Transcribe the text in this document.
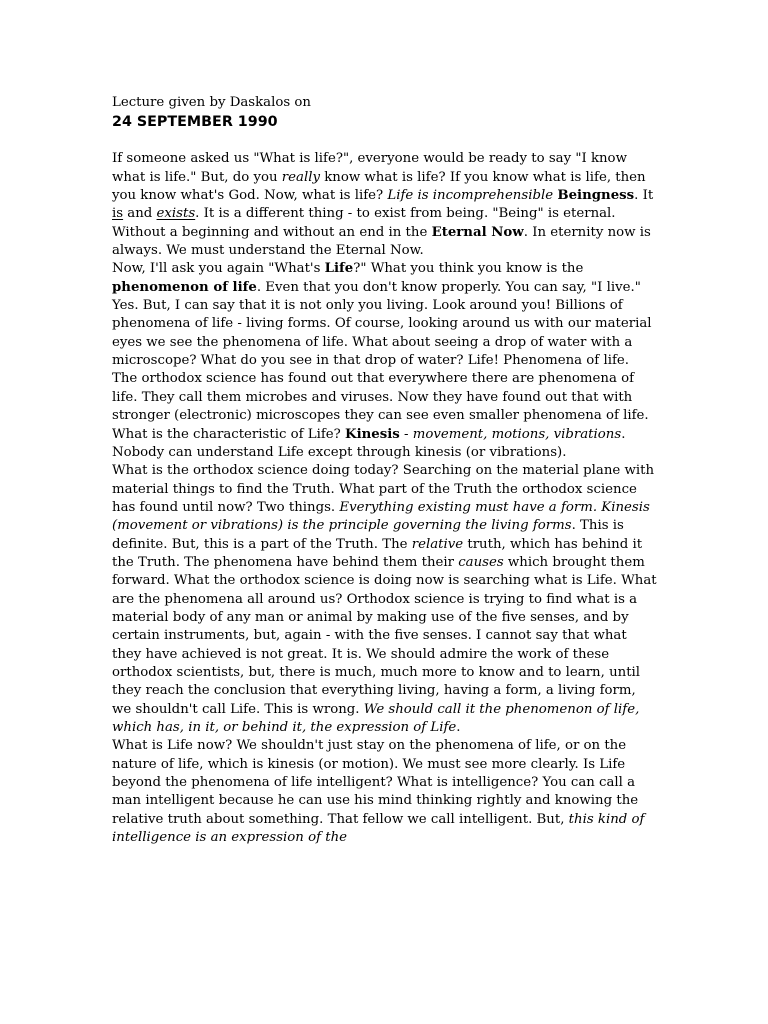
Lecture given by Daskalos on

24 SEPTEMBER 1990

If someone asked us "What is life?", everyone would be ready to say "I know what is life." But, do you really know what is life? If you know what is life, then you know what's God. Now, what is life? Life is incomprehensible Beingness. It is and exists. It is a different thing - to exist from being. "Being" is eternal. Without a beginning and without an end in the Eternal Now. In eternity now is always. We must understand the Eternal Now.

Now, I'll ask you again "What's Life?" What you think you know is the phenomenon of life. Even that you don't know properly. You can say, "I live." Yes. But, I can say that it is not only you living. Look around you! Billions of phenomena of life - living forms. Of course, looking around us with our material eyes we see the phenomena of life. What about seeing a drop of water with a microscope? What do you see in that drop of water? Life! Phenomena of life. The orthodox science has found out that everywhere there are phenomena of life. They call them microbes and viruses. Now they have found out that with stronger (electronic) microscopes they can see even smaller phenomena of life. What is the characteristic of Life? Kinesis - movement, motions, vibrations. Nobody can understand Life except through kinesis (or vibrations).

What is the orthodox science doing today? Searching on the material plane with material things to find the Truth. What part of the Truth the orthodox science has found until now? Two things. Everything existing must have a form. Kinesis (movement or vibrations) is the principle governing the living forms. This is definite. But, this is a part of the Truth. The relative truth, which has behind it the Truth. The phenomena have behind them their causes which brought them forward. What the orthodox science is doing now is searching what is Life. What are the phenomena all around us? Orthodox science is trying to find what is a material body of any man or animal by making use of the five senses, and by certain instruments, but, again - with the five senses. I cannot say that what they have achieved is not great. It is. We should admire the work of these orthodox scientists, but, there is much, much more to know and to learn, until they reach the conclusion that everything living, having a form, a living form, we shouldn't call Life. This is wrong. We should call it the phenomenon of life, which has, in it, or behind it, the expression of Life.

What is Life now? We shouldn't just stay on the phenomena of life, or on the nature of life, which is kinesis (or motion). We must see more clearly. Is Life beyond the phenomena of life intelligent? What is intelligence? You can call a man intelligent because he can use his mind thinking rightly and knowing the relative truth about something. That fellow we call intelligent. But, this kind of intelligence is an expression of the
